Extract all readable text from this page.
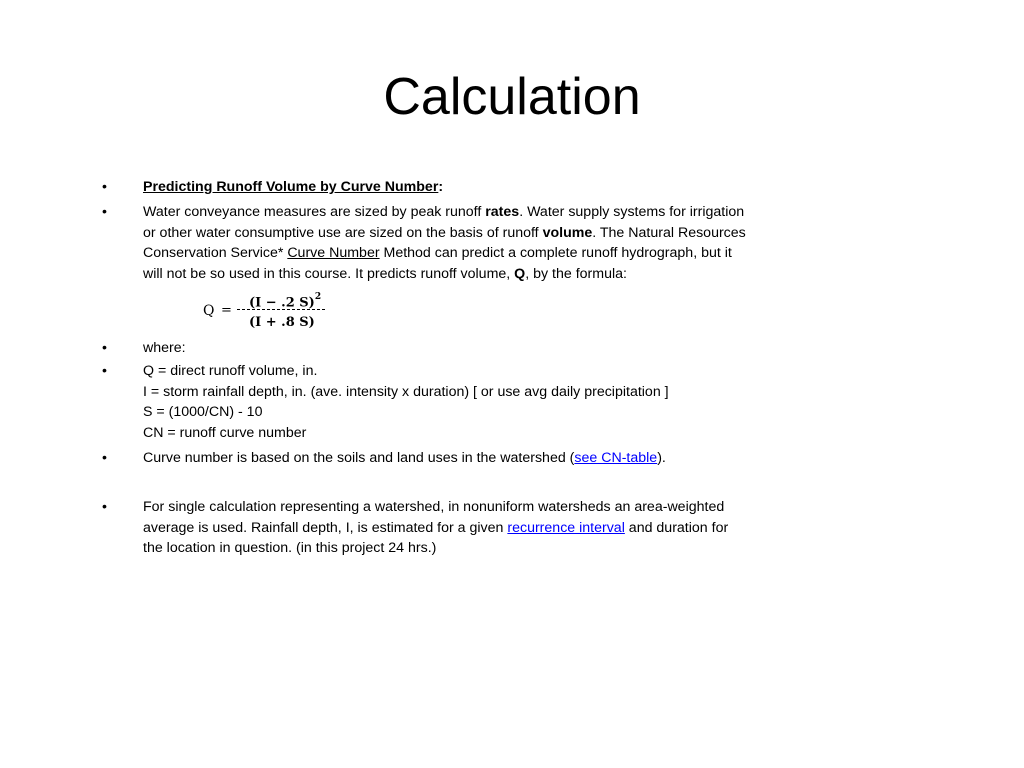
Calculation
•	Predicting Runoff Volume by Curve Number:
•	Water conveyance measures are sized by peak runoff rates. Water supply systems for irrigation
or other water consumptive use are sized on the basis of runoff volume. The Natural Resources
Conservation Service* Curve Number Method can predict a complete runoff hydrograph, but it
will not be so used in this course. It predicts runoff volume, Q, by the formula:
Q =
(I − .2 S)$^2$
(I + .8 S)
•	where:
•	Q = direct runoff volume, in.
I = storm rainfall depth, in. (ave. intensity x duration) [ or use avg daily precipitation ]
S = (1000/CN) - 10
CN = runoff curve number
•	Curve number is based on the soils and land uses in the watershed (see CN-table).
•	For single calculation representing a watershed, in nonuniform watersheds an area-weighted
average is used. Rainfall depth, I, is estimated for a given recurrence interval and duration for
the location in question. (in this project 24 hrs.)
